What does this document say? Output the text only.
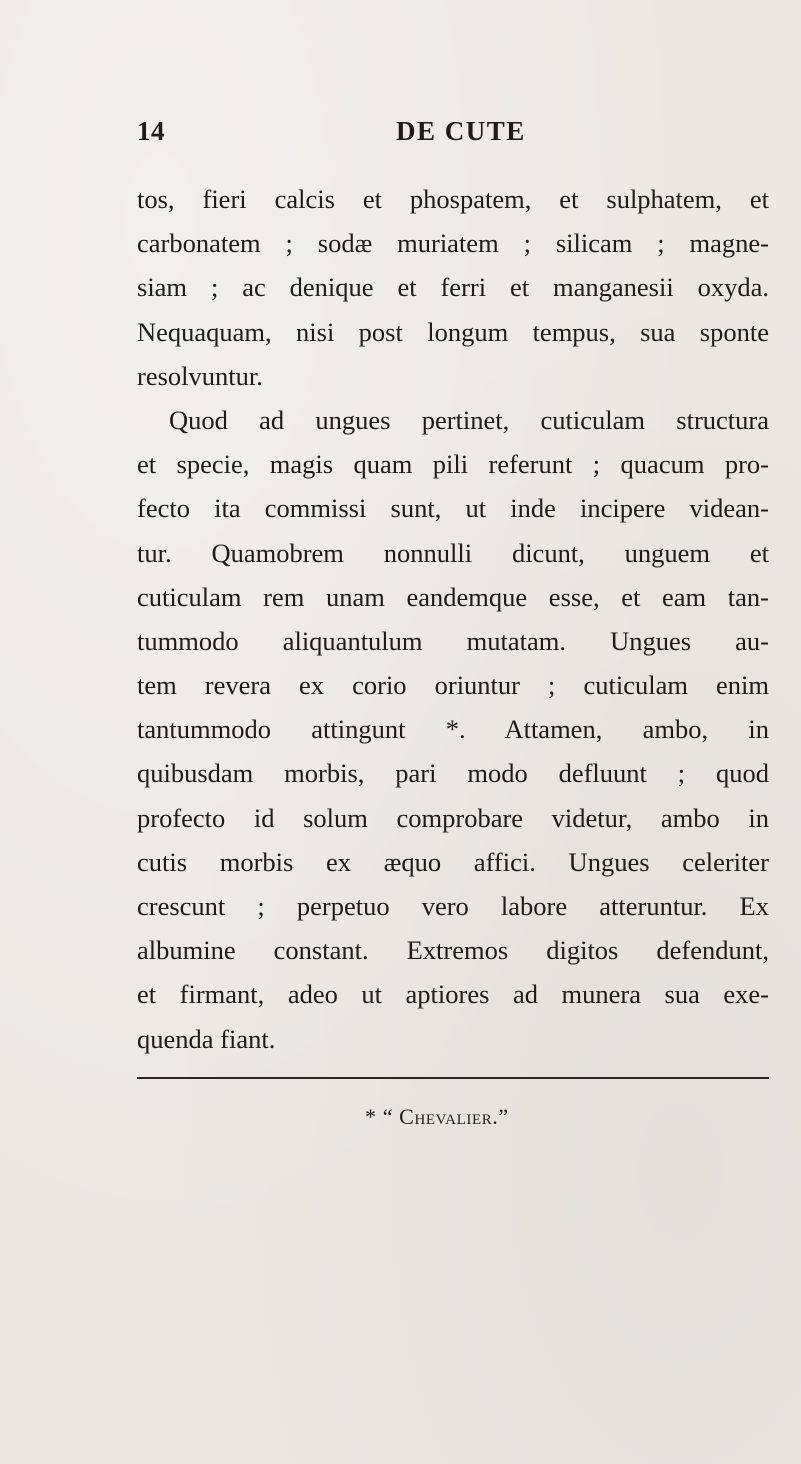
14	DE CUTE
tos, fieri calcis et phospatem, et sulphatem, et
carbonatem ; sodæ muriatem ; silicam ; magne-
siam ; ac denique et ferri et manganesii oxyda.
Nequaquam, nisi post longum tempus, sua sponte
resolvuntur.
Quod ad ungues pertinet, cuticulam structura
et specie, magis quam pili referunt ; quacum pro-
fecto ita commissi sunt, ut inde incipere videan-
tur. Quamobrem nonnulli dicunt, unguem et
cuticulam rem unam eandemque esse, et eam tan-
tummodo aliquantulum mutatam. Ungues au-
tem revera ex corio oriuntur ; cuticulam enim
tantummodo attingunt *. Attamen, ambo, in
quibusdam morbis, pari modo defluunt ; quod
profecto id solum comprobare videtur, ambo in
cutis morbis ex æquo affici. Ungues celeriter
crescunt ; perpetuo vero labore atteruntur. Ex
albumine constant. Extremos digitos defendunt,
et firmant, adeo ut aptiores ad munera sua exe-
quenda fiant.
* “ Chevalier.”
